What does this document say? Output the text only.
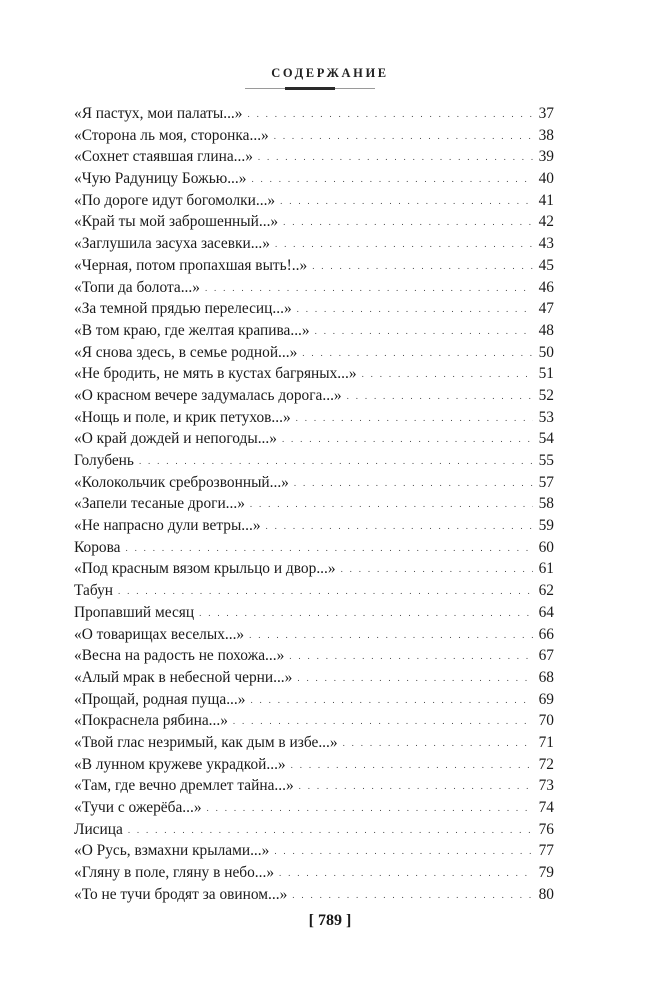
СОДЕРЖАНИЕ
«Я пастух, мои палаты...» . . .	37
«Сторона ль моя, сторонка...» . . .	38
«Сохнет стаявшая глина...» . . .	39
«Чую Радуницу Божью...» . . .	40
«По дороге идут богомолки...» . . .	41
«Край ты мой заброшенный...» . . .	42
«Заглушила засуха засевки...» . . .	43
«Черная, потом пропахшая выть!..» . . .	45
«Топи да болота...» . . .	46
«За темной прядью перелесиц...» . . .	47
«В том краю, где желтая крапива...» . . .	48
«Я снова здесь, в семье родной...» . . .	50
«Не бродить, не мять в кустах багряных...» . . .	51
«О красном вечере задумалась дорога...» . . .	52
«Нощь и поле, и крик петухов...» . . .	53
«О край дождей и непогоды...» . . .	54
Голубень . . .	55
«Колокольчик среброзвонный...» . . .	57
«Запели тесаные дроги...» . . .	58
«Не напрасно дули ветры...» . . .	59
Корова . . .	60
«Под красным вязом крыльцо и двор...» . . .	61
Табун . . .	62
Пропавший месяц . . .	64
«О товарищах веселых...» . . .	66
«Весна на радость не похожа...» . . .	67
«Алый мрак в небесной черни...» . . .	68
«Прощай, родная пуща...» . . .	69
«Покраснела рябина...» . . .	70
«Твой глас незримый, как дым в избе...» . . .	71
«В лунном кружеве украдкой...» . . .	72
«Там, где вечно дремлет тайна...» . . .	73
«Тучи с ожерёба...» . . .	74
Лисица . . .	76
«О Русь, взмахни крылами...» . . .	77
«Гляну в поле, гляну в небо...» . . .	79
«То не тучи бродят за овином...» . . .	80
[ 789 ]
